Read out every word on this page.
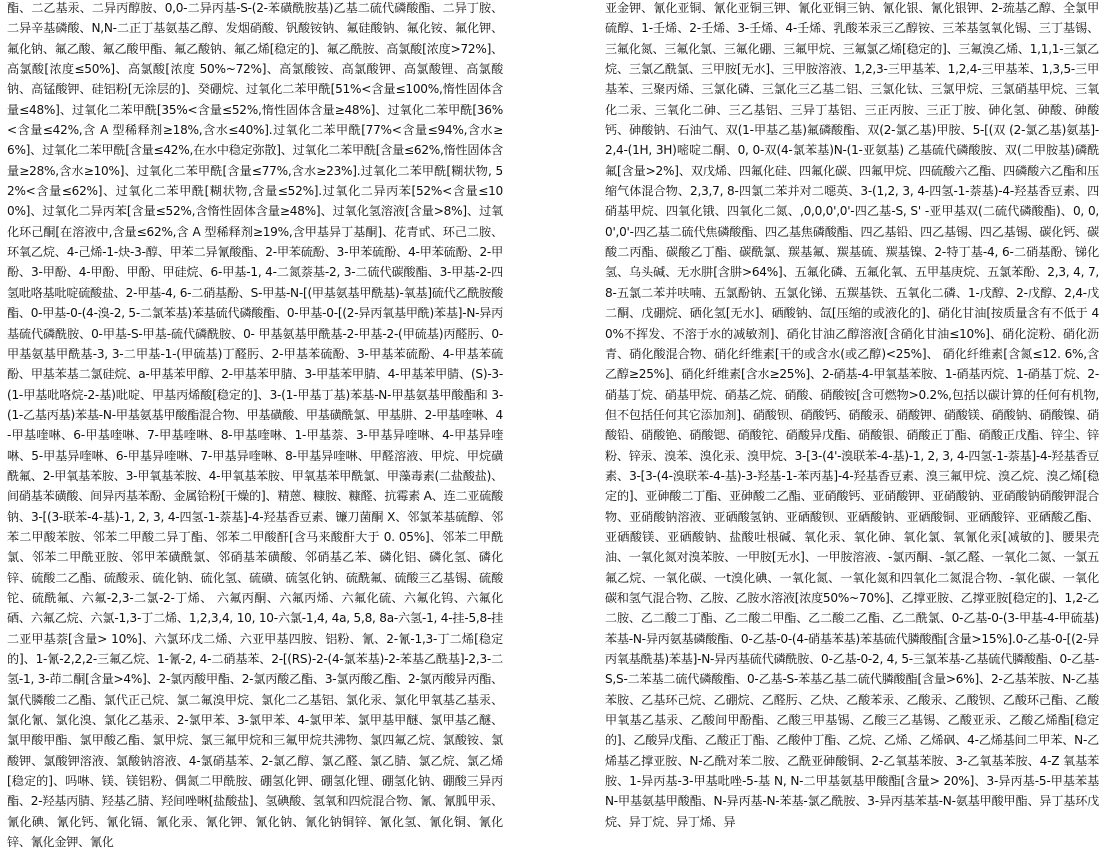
酯、二乙基汞、二异丙醇胺、0,0-二异丙基-S-(2-苯磺酰胺基)乙基二硫代磷酸酯、二异丁胺、二异辛基磷酸、N,N-二正丁基氨基乙醇、发烟硝酸、钒酸铵钠、氟硅酸钠、氟化铵、氟化钾、氟化钠、氟乙酸、氟乙酸甲酯、氟乙酸钠、氟乙烯[稳定的]、氟乙酰胺、高氯酸[浓度>72%]、高氯酸[浓度≤50%]、高氯酸[浓度 50%~72%]、高氯酸铵、高氯酸钾、高氯酸锂、高氯酸钠、高锰酸钾、硅铝粉[无涂层的]、癸硼烷、过氧化二苯甲酰[51%<含量≤100%,惰性固体含量≤48%]、过氧化二苯甲酰[35%<含量≤52%,惰性固体含量≥48%]、过氧化二苯甲酰[36%<含量≤42%,含 A 型稀释剂≥18%,含水≤40%].过氧化二苯甲酰[77%<含量≤94%,含水≥6%]、过氧化二苯甲酰[含量≤42%,在水中稳定弥散]、过氧化二苯甲酰[含量≤62%,惰性固体含量≥28%,含水≥10%]、过氧化二苯甲酰[含量≤77%,含水≥23%].过氧化二苯甲酰[糊状物, 52%<含量≤62%]、过氧化二苯甲酰[糊状物,含量≤52%].过氧化二异丙苯[52%<含量≤100%]、过氧化二异丙苯[含量≤52%,含惰性固体含量≥48%]、过氧化氢溶液[含量>8%]、过氧化环己酮[在溶液中,含量≤62%,含 A 型稀释剂≥19%,含甲基异丁基酮]、花青甙、环己二胺、环氧乙烷、4-己烯-1-炔-3-醇、甲苯二异氰酸酯、2-甲苯硫酚、3-甲苯硫酚、4-甲苯硫酚、2-甲酚、3-甲酚、4-甲酚、甲酚、甲硅烷、6-甲基-1, 4-二氮萘基-2, 3-二硫代碳酸酯、3-甲基-2-四氢吡咯基吡啶硫酸盐、2-甲基-4, 6-二硝基酚、S-甲基-N-[(甲基氨基甲酰基)-氧基]硫代乙酰胺酸酯、0-甲基-0-(4-溴-2, 5-二氯苯基)苯基硫代磷酸酯、0-甲基-0-[(2-异丙氧基甲酰)苯基]-N-异丙基硫代磷酰胺、0-甲基-S-甲基-硫代磷酰胺、0- 甲基氨基甲酰基-2-甲基-2-(甲硫基)丙醛肟、0-甲基氨基甲酰基-3, 3-二甲基-1-(甲硫基)丁醛肟、2-甲基苯硫酚、3-甲基苯硫酚、4-甲基苯硫酚、甲基苯基二氯硅烷、a-甲基苯甲醇、2-甲基苯甲腈、3-甲基苯甲腈、4-甲基苯甲腈、(S)-3-(1-甲基吡咯烷-2-基)吡啶、甲基丙烯酸[稳定的]、3-(1-甲基丁基)苯基-N-甲基氨基甲酸酯和 3-(1-乙基丙基)苯基-N-甲基氨基甲酸酯混合物、甲基磺酸、甲基磺酰氯、甲基肼、2-甲基喹啉、4-甲基喹啉、6-甲基喹啉、7-甲基喹啉、8-甲基喹啉、1-甲基萘、3-甲基异喹啉、4-甲基异喹啉、5-甲基异喹啉、6-甲基异喹啉、7-甲基异喹啉、8-甲基异喹啉、甲醛溶液、甲烷、甲烷磺酰氟、2-甲氧基苯胺、3-甲氧基苯胺、4-甲氧基苯胺、甲氧基苯甲酰氯、甲藻毒素(二盐酸盐)、间硝基苯磺酸、间异丙基苯酚、金属铪粉[干燥的]、精蒽、糠胺、糠醛、抗霉素 A、连二亚硫酸钠、3-[(3-联苯-4-基)-1, 2, 3, 4-四氢-1-萘基]-4-羟基香豆素、镰刀菌酮 X、邻氯苯基硫醇、邻苯二甲酸苯胺、邻苯二甲酸二异丁酯、邻苯二甲酸酐[含马来酸酐大于 0. 05%]、邻苯二甲酰氯、邻苯二甲酰亚胺、邻甲苯磺酰氯、邻硝基苯磺酸、邻硝基乙苯、磷化铝、磷化氢、磷化锌、硫酸二乙酯、硫酸汞、硫化钠、硫化氢、硫磺、硫氢化钠、硫酰氟、硫酸三乙基锡、硫酸铊、硫酰氟、六氟-2,3-二氯-2-丁烯、 六氟丙酮、六氟丙烯、六氟化硫、六氟化钨、六氟化硒、六氟乙烷、六氯-1,3-丁二烯、1,2,3,4, 10, 10-六氯-1,4, 4a, 5,8, 8a-六氢-1, 4-挂-5,8-挂二亚甲基萘[含量> 10%]、六氯环戊二烯、六亚甲基四胺、铝粉、氰、2-氰-1,3-丁二烯[稳定的]、1-氰-2,2,2-三氟乙烷、1-氰-2, 4-二硝基苯、2-[(RS)-2-(4-氯苯基)-2-苯基乙酰基]-2,3-二氢-1, 3-茚二酮[含量>4%]、2-氯丙酸甲酯、2-氯丙酸乙酯、3-氯丙酸乙酯、2-氯丙酸异丙酯、氯代膦酸二乙酯、氯代正己烷、氯二氟溴甲烷、氯化二乙基铝、氯化汞、氯化甲氧基乙基汞、氯化氰、氯化溴、氯化乙基汞、2-氯甲苯、3-氯甲苯、4-氯甲苯、氯甲基甲醚、氯甲基乙醚、氯甲酸甲酯、氯甲酸乙酯、氯甲烷、氯三氟甲烷和三氟甲烷共沸物、氯四氟乙烷、氯酸铵、氯酸钾、氯酸钾溶液、氯酸钠溶液、4-氯硝基苯、2-氯乙醇、氯乙醛、氯乙腈、氯乙烷、氯乙烯[稳定的]、吗啉、镁、镁铝粉、偶氮二甲酰胺、硼氢化钾、硼氢化锂、硼氢化钠、硼酸三异丙酯、2-羟基丙腈、羟基乙腈、羟间唑啉[盐酸盐]、氢碘酸、氢氧和四烷混合物、氰、氰胍甲汞、氰化碘、氰化钙、氰化镉、氰化汞、氰化钾、氰化钠、氰化钠铜锌、氰化氢、氰化铜、氰化锌、氰化金钾、氰化
亚金钾、氰化亚铜、氰化亚铜三钾、氰化亚铜三钠、氰化银、氰化银钾、2-巯基乙醇、全氯甲硫醇、1-壬烯、2-壬烯、3-壬烯、4-壬烯、乳酸苯汞三乙醇铵、三苯基氢氧化锡、三丁基锡、三氟化氮、三氟化氯、三氟化硼、三氟甲烷、三氟氯乙烯[稳定的]、三氟溴乙烯、1,1,1-三氯乙烷、三氯乙酰氯、三甲胺[无水]、三甲胺溶液、1,2,3-三甲基苯、1,2,4-三甲基苯、1,3,5-三甲基苯、三聚丙烯、三氯化磷、三氯化三乙基二铝、三氯化钛、三氯甲烷、三氯硝基甲烷、三氧化二汞、三氧化二砷、三乙基铝、三异丁基铝、三正丙胺、三正丁胺、砷化氢、砷酸、砷酸钙、砷酸钠、石油气、双(1-甲基乙基)氟磷酸酯、双(2-氯乙基)甲胺、5-[(双 (2-氯乙基)氨基]-2,4-(1H, 3H)嘧啶二酮、0, 0-双(4-氯苯基)N-(1-亚氨基) 乙基硫代磷酸胺、双(二甲胺基)磷酰氟[含量>2%]、双戊烯、四氟化硅、四氟化碳、四氟甲烷、四硫酸六乙酯、四磷酸六乙酯和压缩气体混合物、2,3,7, 8-四氯二苯并对二噁英、3-(1,2, 3, 4-四氢-1-萘基)-4-羟基香豆素、四硝基甲烷、四氧化锇、四氧化二氮、,0,0,0',0'-四乙基-S, S' -亚甲基双(二硫代磷酸酯)、0, 0,0',0'-四乙基二硫代焦磷酸酯、四乙基焦磷酸酯、四乙基铅、四乙基锡、四乙基锡、碳化钙、碳酸二丙酯、碳酸乙丁酯、碳酰氯、羰基氟、羰基硫、羰基镍、2-特丁基-4, 6-二硝基酚、锑化氢、乌头碱、无水肼[含肼>64%]、五氟化磷、五氟化氧、五甲基庚烷、五氯苯酚、2,3, 4, 7, 8-五氯二苯并呋喃、五氯酚钠、五氯化锑、五羰基铁、五氧化二磷、1-戊醇、2-戊醇、2,4-戊二酮、戊硼烷、硒化氢[无水]、硒酸钠、氙[压缩的或液化的]、硝化甘油[按质量含有不低于 40%不挥发、不溶于水的减敏剂]、硝化甘油乙醇溶液[含硝化甘油≤10%]、硝化淀粉、硝化沥青、硝化酸混合物、硝化纤维素[干的或含水(或乙醇)<25%]、 硝化纤维素[含氮≤12. 6%,含乙醇≥25%]、硝化纤维素[含水≥25%]、2-硝基-4-甲氧基苯胺、1-硝基丙烷、1-硝基丁烷、2-硝基丁烷、硝基甲烷、硝基乙烷、硝酸、硝酸铵[含可燃物>0.2%,包括以碳计算的任何有机物,但不包括任何其它添加剂]、硝酸钡、硝酸钙、硝酸汞、硝酸钾、硝酸镁、硝酸钠、硝酸镍、硝酸铅、硝酸铯、硝酸锶、硝酸铊、硝酸异戊酯、硝酸银、硝酸正丁酯、硝酸正戊酯、锌尘、锌粉、锌汞、溴苯、溴化汞、溴甲烷、3-[3-(4'-溴联苯-4-基)-1, 2, 3, 4-四氢-1-萘基]-4-羟基香豆素、3-[3-(4-溴联苯-4-基)-3-羟基-1-苯丙基]-4-羟基香豆素、溴三氟甲烷、溴乙烷、溴乙烯[稳定的]、亚砷酸二丁酯、亚砷酸二乙酯、亚硝酸钙、亚硝酸钾、亚硝酸钠、亚硝酸钠硝酸钾混合物、亚硝酸钠溶液、亚硒酸氢钠、亚硒酸钡、亚硒酸钠、亚硒酸铜、亚硒酸锌、亚硒酸乙酯、亚硒酸镁、亚硒酸钠、盐酸吐根碱、氧化汞、氧化砷、氧化氯、氧氰化汞[减敏的]、腰果壳油、一氧化氮对溴苯胺、一甲胺[无水]、一甲胺溶液、-氯丙酮、-氯乙醛、一氧化二氮、一氯五氟乙烷、一氧化碳、一t溴化碘、一氧化氮、一氧化氮和四氧化二氮混合物、-氧化碳、一氧化碳和氢气混合物、乙胺、乙胺水溶液[浓度50%~70%]、乙撑亚胺、乙撑亚胺[稳定的]、1,2-乙二胺、乙二酸二丁酯、乙二酸二甲酯、乙二酸二乙酯、乙二酰氯、0-乙基-0-(3-甲基-4-甲硫基)苯基-N-异丙氨基磷酸酯、0-乙基-0-(4-硝基苯基)苯基硫代膦酸酯[含量>15%].0-乙基-0-[(2-异丙氧基酰基)苯基]-N-异丙基硫代磷酰胺、0-乙基-0-2, 4, 5-三氯苯基-乙基硫代膦酸酯、0-乙基-S,S-二苯基二硫代磷酸酯、0-乙基-S-苯基乙基二硫代膦酸酯[含量>6%]、2-乙基苯胺、N-乙基苯胺、乙基环己烷、乙硼烷、乙醛肟、乙炔、乙酸苯汞、乙酸汞、乙酸钡、乙酸环己酯、乙酸甲氧基乙基汞、乙酸间甲酚酯、乙酸三甲基锡、乙酸三乙基锡、乙酸亚汞、乙酸乙烯酯[稳定的]、乙酸异戊酯、乙酸正丁酯、乙酸仲丁酯、乙烷、乙烯、乙烯砜、4-乙烯基间二甲苯、N-乙烯基乙撑亚胺、N-乙酰对苯二胺、乙酰亚砷酸铜、2-乙氧基苯胺、3-乙氧基苯胺、4-Z 氧基苯胺、1-异丙基-3-甲基吡唑-5-基 N, N-二甲基氨基甲酸酯[含量> 20%]、3-异丙基-5-甲基苯基 N-甲基氨基甲酸酯、N-异丙基-N-苯基-氯乙酰胺、3-异丙基苯基-N-氨基甲酸甲酯、异丁基环戊烷、异丁烷、异丁烯、异
